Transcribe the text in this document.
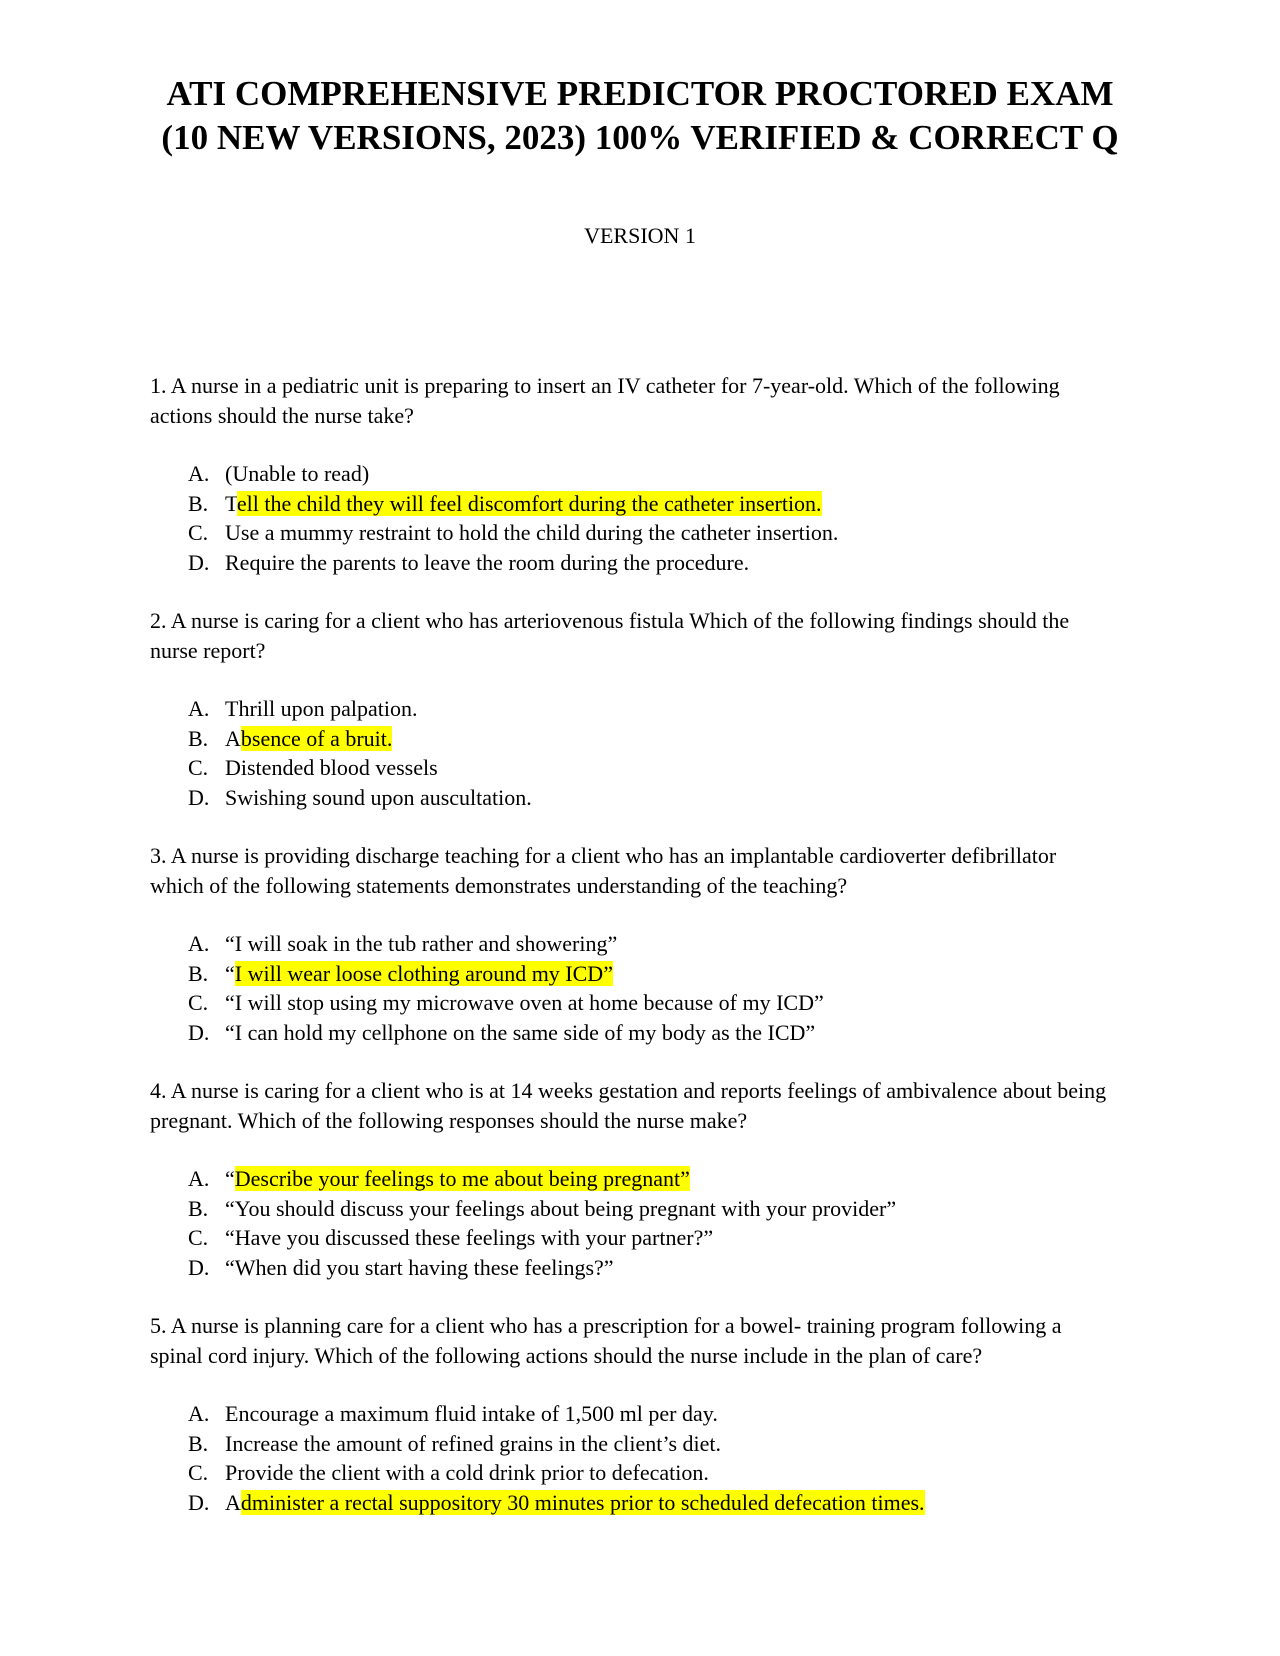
ATI COMPREHENSIVE PREDICTOR PROCTORED EXAM
(10 NEW VERSIONS, 2023) 100% VERIFIED & CORRECT Q
VERSION 1

1. A nurse in a pediatric unit is preparing to insert an IV catheter for 7-year-old. Which of the following actions should the nurse take?

A. (Unable to read)
B. Tell the child they will feel discomfort during the catheter insertion.
C. Use a mummy restraint to hold the child during the catheter insertion.
D. Require the parents to leave the room during the procedure.

2. A nurse is caring for a client who has arteriovenous fistula Which of the following findings should the nurse report?

A. Thrill upon palpation.
B. Absence of a bruit.
C. Distended blood vessels
D. Swishing sound upon auscultation.

3. A nurse is providing discharge teaching for a client who has an implantable cardioverter defibrillator which of the following statements demonstrates understanding of the teaching?

A. “I will soak in the tub rather and showering”
B. “I will wear loose clothing around my ICD”
C. “I will stop using my microwave oven at home because of my ICD”
D. “I can hold my cellphone on the same side of my body as the ICD”

4. A nurse is caring for a client who is at 14 weeks gestation and reports feelings of ambivalence about being pregnant. Which of the following responses should the nurse make?

A. “Describe your feelings to me about being pregnant”
B. “You should discuss your feelings about being pregnant with your provider”
C. “Have you discussed these feelings with your partner?”
D. “When did you start having these feelings?”

5. A nurse is planning care for a client who has a prescription for a bowel- training program following a spinal cord injury. Which of the following actions should the nurse include in the plan of care?

A. Encourage a maximum fluid intake of 1,500 ml per day.
B. Increase the amount of refined grains in the client’s diet.
C. Provide the client with a cold drink prior to defecation.
D. Administer a rectal suppository 30 minutes prior to scheduled defecation times.
